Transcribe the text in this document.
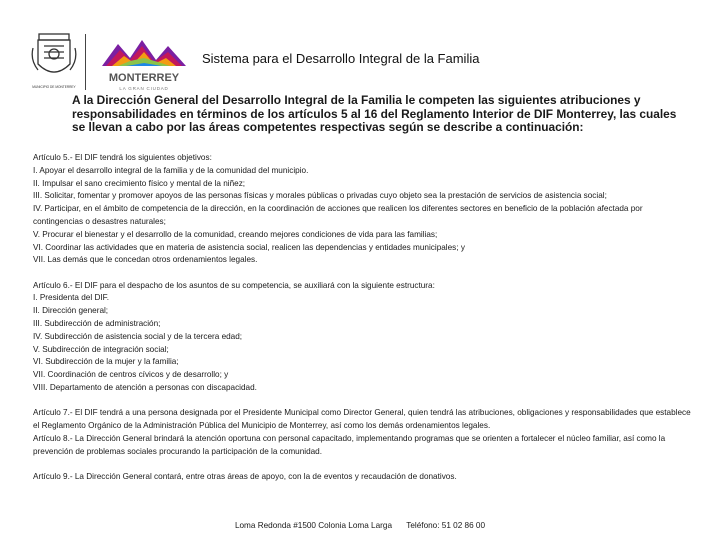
MUNICIPIO DE MONTERREY
MONTERREY
LA GRAN CIUDAD
Sistema para el Desarrollo Integral de la Familia
A la Dirección General del Desarrollo Integral de la Familia le competen las siguientes atribuciones y responsabilidades en términos de los artículos 5 al 16 del Reglamento Interior de DIF Monterrey, las cuales se llevan a cabo por las áreas competentes respectivas según se describe a continuación:

Artículo 5.- El DIF tendrá los siguientes objetivos:

I. Apoyar el desarrollo integral de la familia y de la comunidad del municipio.

II. Impulsar el sano crecimiento físico y mental de la niñez;

III. Solicitar, fomentar y promover apoyos de las personas físicas y morales públicas o privadas cuyo objeto sea la prestación de servicios de asistencia social;

IV. Participar, en el ámbito de competencia de la dirección, en la coordinación de acciones que realicen los diferentes sectores en beneficio de la población afectada por contingencias o desastres naturales;

V. Procurar el bienestar y el desarrollo de la comunidad, creando mejores condiciones de vida para las familias;

VI. Coordinar las actividades que en materia de asistencia social, realicen las dependencias y entidades municipales; y

VII. Las demás que le concedan otros ordenamientos legales.

Artículo 6.- El DIF para el despacho de los asuntos de su competencia, se auxiliará con la siguiente estructura:

I. Presidenta del DIF.

II. Dirección general;

III. Subdirección de administración;

IV. Subdirección de asistencia social y de la tercera edad;

V. Subdirección de integración social;

VI. Subdirección de la mujer y la familia;

VII. Coordinación de centros cívicos y de desarrollo; y

VIII. Departamento de atención a personas con discapacidad.

Artículo 7.- El DIF tendrá a una persona designada por el Presidente Municipal como Director General, quien tendrá las atribuciones, obligaciones y responsabilidades que establece el Reglamento Orgánico de la Administración Pública del Municipio de Monterrey, así como los demás ordenamientos legales.

Artículo 8.- La Dirección General brindará la atención oportuna con personal capacitado, implementando programas que se orienten a fortalecer el núcleo familiar, así como la prevención de problemas sociales procurando la participación de la comunidad.

Artículo 9.- La Dirección General contará, entre otras áreas de apoyo, con la de eventos y recaudación de donativos.

Loma Redonda #1500 Colonia Loma Larga Teléfono: 51 02 86 00
